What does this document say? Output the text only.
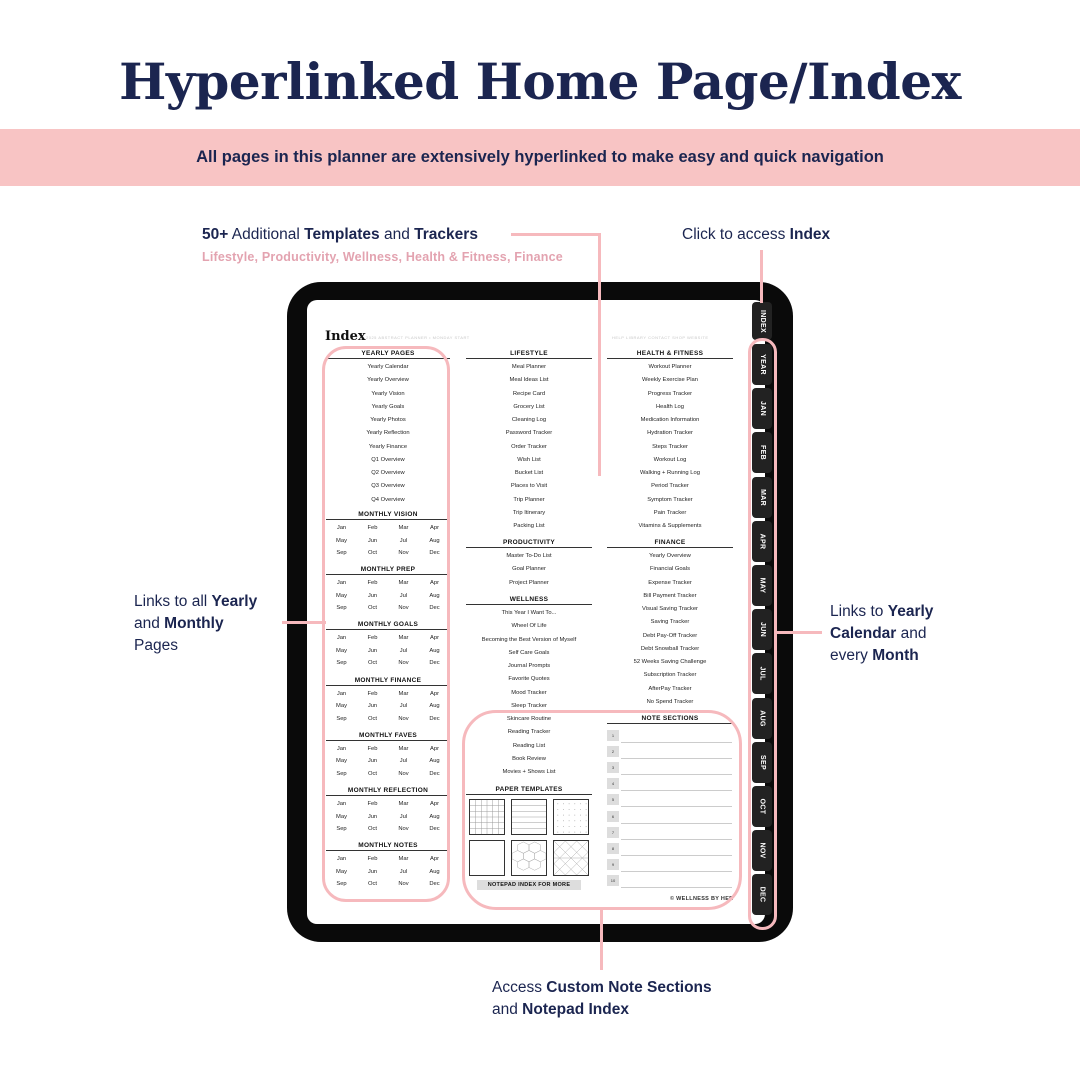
Hyperlinked Home Page/Index
All pages in this planner are extensively hyperlinked to make easy and quick navigation
50+ Additional Templates and Trackers
Lifestyle, Productivity, Wellness, Health & Fitness, Finance
Click to access Index
Links to all Yearly
and Monthly
Pages
Links to Yearly
Calendar and
every Month
Access Custom Note Sections
and Notepad Index
Index 2025 ABSTRACT PLANNER • MONDAY START	HELP LIBRARY CONTACT SHOP WEBSITE
YEARLY PAGES
Yearly Calendar
Yearly Overview
Yearly Vision
Yearly Goals
Yearly Photos
Yearly Reflection
Yearly Finance
Q1 Overview
Q2 Overview
Q3 Overview
Q4 Overview
MONTHLY VISION
Jan	Feb	Mar	Apr
May	Jun	Jul	Aug
Sep	Oct	Nov	Dec
MONTHLY PREP
Jan	Feb	Mar	Apr
May	Jun	Jul	Aug
Sep	Oct	Nov	Dec
MONTHLY GOALS
Jan	Feb	Mar	Apr
May	Jun	Jul	Aug
Sep	Oct	Nov	Dec
MONTHLY FINANCE
Jan	Feb	Mar	Apr
May	Jun	Jul	Aug
Sep	Oct	Nov	Dec
MONTHLY FAVES
Jan	Feb	Mar	Apr
May	Jun	Jul	Aug
Sep	Oct	Nov	Dec
MONTHLY REFLECTION
Jan	Feb	Mar	Apr
May	Jun	Jul	Aug
Sep	Oct	Nov	Dec
MONTHLY NOTES
Jan	Feb	Mar	Apr
May	Jun	Jul	Aug
Sep	Oct	Nov	Dec
LIFESTYLE
Meal Planner
Meal Ideas List
Recipe Card
Grocery List
Cleaning Log
Password Tracker
Order Tracker
Wish List
Bucket List
Places to Visit
Trip Planner
Trip Itinerary
Packing List
PRODUCTIVITY
Master To-Do List
Goal Planner
Project Planner
WELLNESS
This Year I Want To...
Wheel Of Life
Becoming the Best Version of Myself
Self Care Goals
Journal Prompts
Favorite Quotes
Mood Tracker
Sleep Tracker
Skincare Routine
Reading Tracker
Reading List
Book Review
Movies + Shows List
PAPER TEMPLATES
NOTEPAD INDEX FOR MORE
HEALTH & FITNESS
Workout Planner
Weekly Exercise Plan
Progress Tracker
Health Log
Medication Information
Hydration Tracker
Steps Tracker
Workout Log
Walking + Running Log
Period Tracker
Symptom Tracker
Pain Tracker
Vitamins & Supplements
FINANCE
Yearly Overview
Financial Goals
Expense Tracker
Bill Payment Tracker
Visual Saving Tracker
Saving Tracker
Debt Pay-Off Tracker
Debt Snowball Tracker
52 Weeks Saving Challenge
Subscription Tracker
AfterPay Tracker
No Spend Tracker
NOTE SECTIONS
1
2
3
4
5
6
7
8
9
10
© WELLNESS BY HER
INDEX
YEAR
JAN
FEB
MAR
APR
MAY
JUN
JUL
AUG
SEP
OCT
NOV
DEC
